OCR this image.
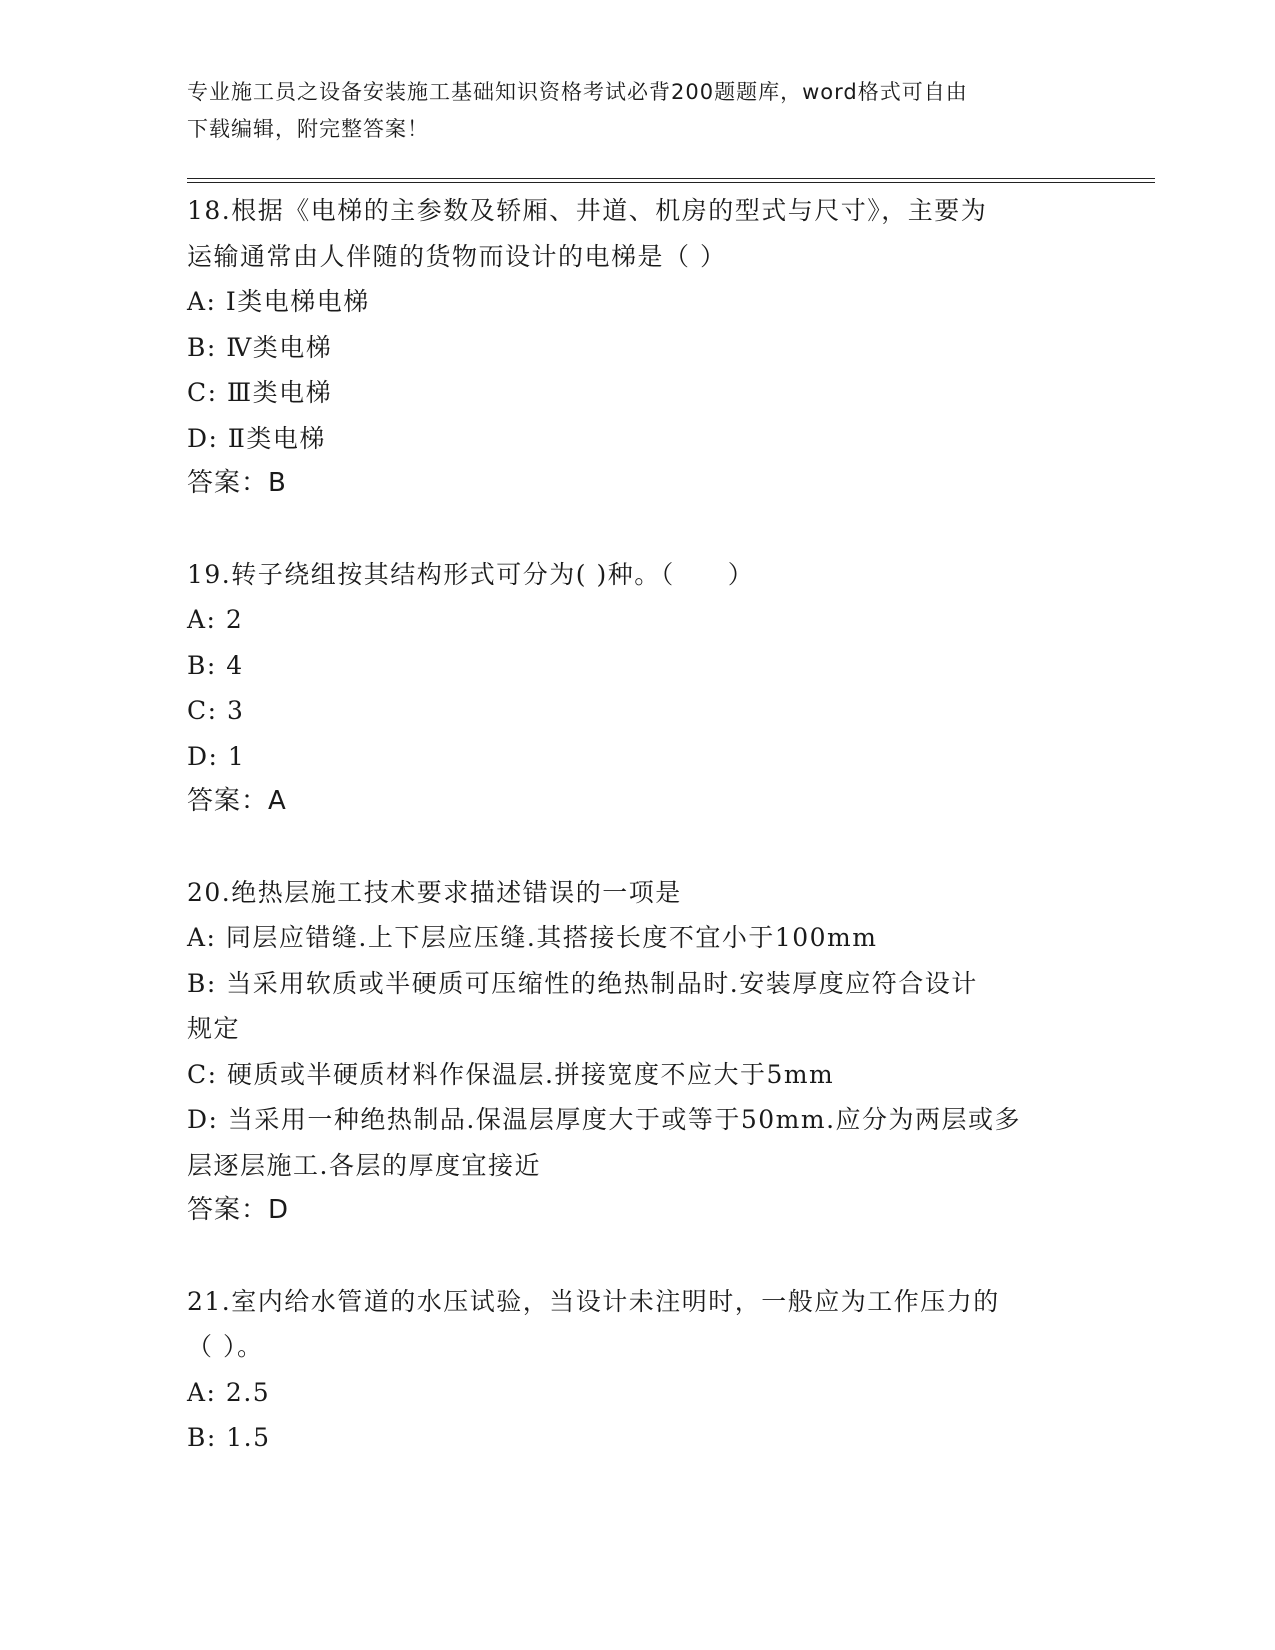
专业施工员之设备安装施工基础知识资格考试必背200题题库，word格式可自由
下载编辑，附完整答案！

18.根据《电梯的主参数及轿厢、井道、机房的型式与尺寸》，主要为

运输通常由人伴随的货物而设计的电梯是（ ）

A: Ⅰ类电梯电梯

B: Ⅳ类电梯

C: Ⅲ类电梯

D: Ⅱ类电梯

答案：B

19.转子绕组按其结构形式可分为( )种。（　　）

A: 2

B: 4

C: 3

D: 1

答案：A

20.绝热层施工技术要求描述错误的一项是

A: 同层应错缝.上下层应压缝.其搭接长度不宜小于100mm

B: 当采用软质或半硬质可压缩性的绝热制品时.安装厚度应符合设计

规定

C: 硬质或半硬质材料作保温层.拼接宽度不应大于5mm

D: 当采用一种绝热制品.保温层厚度大于或等于50mm.应分为两层或多

层逐层施工.各层的厚度宜接近

答案：D

21.室内给水管道的水压试验，当设计未注明时，一般应为工作压力的

（ ）。

A: 2.5

B: 1.5
